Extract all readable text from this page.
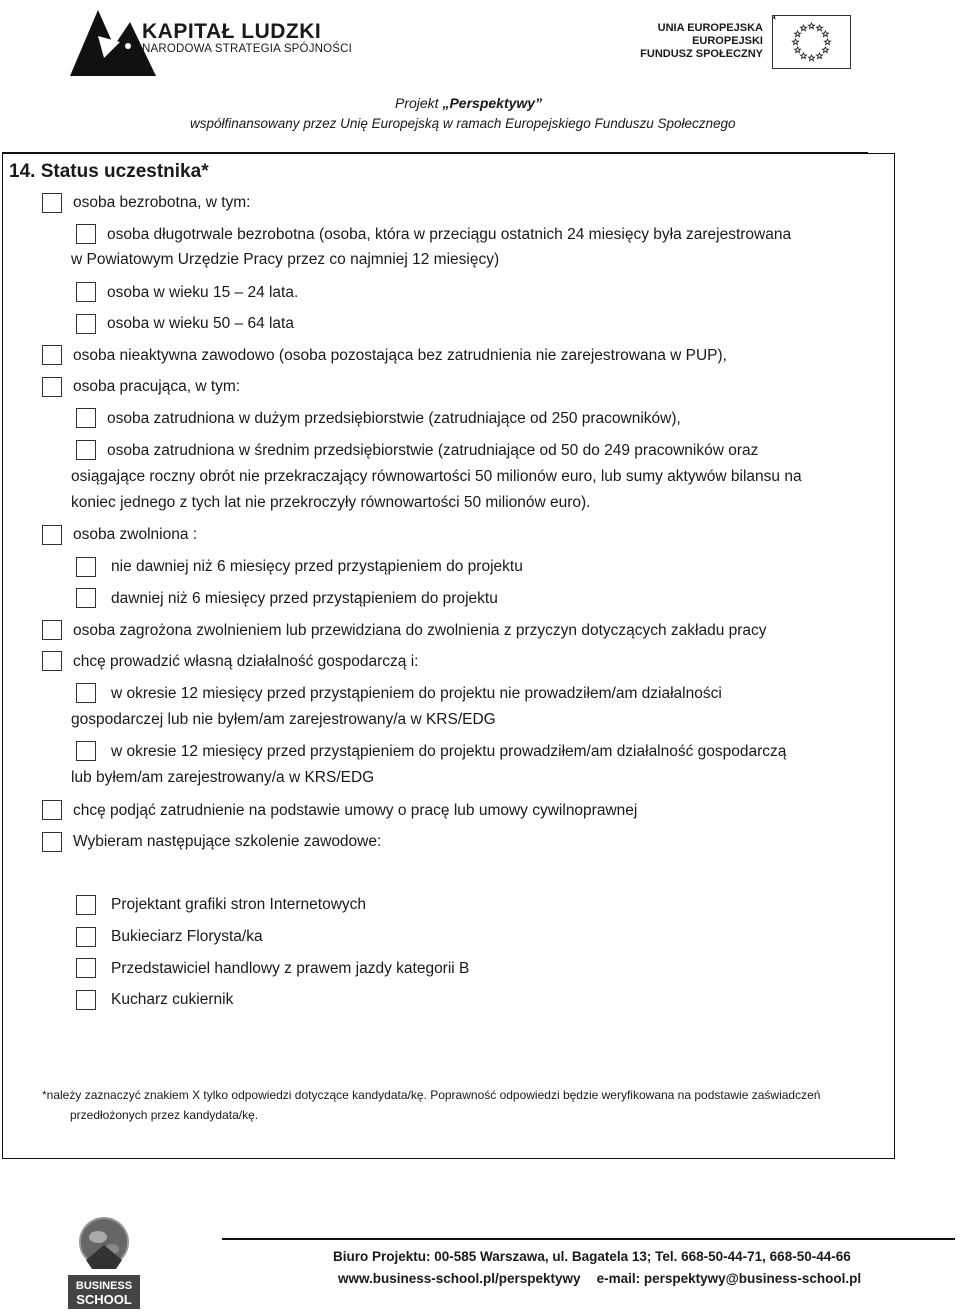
KAPITAŁ LUDZKI
NARODOWA STRATEGIA SPÓJNOŚCI
UNIA EUROPEJSKA
EUROPEJSKI
FUNDUSZ SPOŁECZNY
Projekt „Perspektywy”
współfinansowany przez Unię Europejską w ramach Europejskiego Funduszu Społecznego
14. Status uczestnika*
osoba bezrobotna, w tym:
osoba długotrwale bezrobotna (osoba, która w przeciągu ostatnich 24 miesięcy była zarejestrowana
w Powiatowym Urzędzie Pracy przez co najmniej 12 miesięcy)
osoba w wieku 15 – 24 lata.
osoba w wieku 50 – 64 lata
osoba nieaktywna zawodowo (osoba pozostająca bez zatrudnienia nie zarejestrowana w PUP),
osoba pracująca, w tym:
osoba zatrudniona w dużym przedsiębiorstwie (zatrudniające od 250 pracowników),
osoba zatrudniona w średnim przedsiębiorstwie (zatrudniające od 50 do 249 pracowników oraz
osiągające roczny obrót nie przekraczający równowartości 50 milionów euro, lub sumy aktywów bilansu na
koniec jednego z tych lat nie przekroczyły równowartości 50 milionów euro).
osoba zwolniona :
nie dawniej niż 6 miesięcy przed przystąpieniem do projektu
dawniej niż 6 miesięcy przed przystąpieniem do projektu
osoba zagrożona zwolnieniem lub przewidziana do zwolnienia z przyczyn dotyczących zakładu pracy
chcę prowadzić własną działalność gospodarczą i:
w okresie 12 miesięcy przed przystąpieniem do projektu nie prowadziłem/am działalności
gospodarczej lub nie byłem/am zarejestrowany/a w KRS/EDG
w okresie 12 miesięcy przed przystąpieniem do projektu prowadziłem/am działalność gospodarczą
lub byłem/am zarejestrowany/a w KRS/EDG
chcę podjąć zatrudnienie na podstawie umowy o pracę lub umowy cywilnoprawnej
Wybieram następujące szkolenie zawodowe:
Projektant grafiki stron Internetowych
Bukieciarz Florysta/ka
Przedstawiciel handlowy z prawem jazdy kategorii B
Kucharz cukiernik
*należy zaznaczyć znakiem X tylko odpowiedzi dotyczące kandydata/kę. Poprawność odpowiedzi będzie weryfikowana na podstawie zaświadczeń
przedłożonych przez kandydata/kę.
BUSINESS
SCHOOL
Biuro Projektu: 00-585 Warszawa, ul. Bagatela 13; Tel. 668-50-44-71, 668-50-44-66
www.business-school.pl/perspektywy e-mail: perspektywy@business-school.pl
